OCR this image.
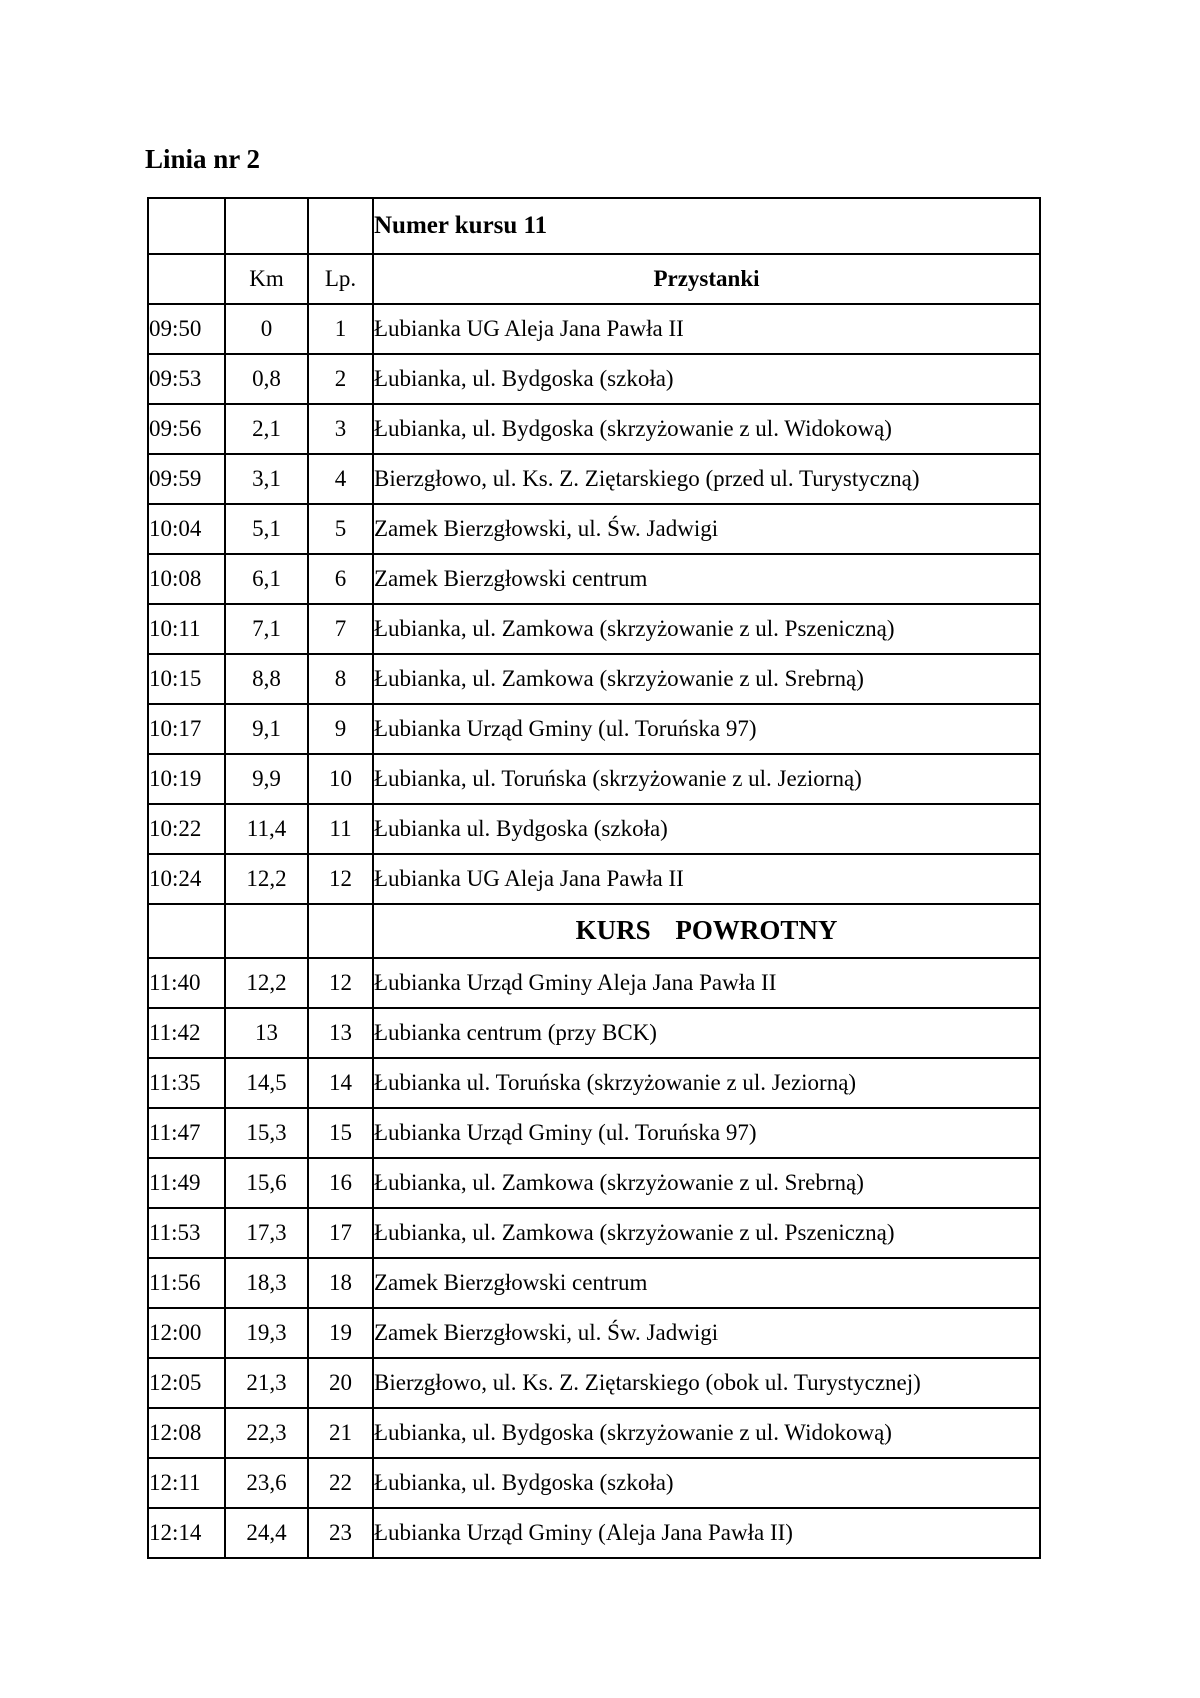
Linia nr 2
			Numer kursu 11
	Km	Lp.	Przystanki
09:50	0	1	Łubianka UG Aleja Jana Pawła II
09:53	0,8	2	Łubianka, ul. Bydgoska (szkoła)
09:56	2,1	3	Łubianka, ul. Bydgoska (skrzyżowanie z ul. Widokową)
09:59	3,1	4	Bierzgłowo, ul. Ks. Z. Ziętarskiego (przed ul. Turystyczną)
10:04	5,1	5	Zamek Bierzgłowski, ul. Św. Jadwigi
10:08	6,1	6	Zamek Bierzgłowski centrum
10:11	7,1	7	Łubianka, ul. Zamkowa (skrzyżowanie z ul. Pszeniczną)
10:15	8,8	8	Łubianka, ul. Zamkowa (skrzyżowanie z ul. Srebrną)
10:17	9,1	9	Łubianka Urząd Gminy (ul. Toruńska 97)
10:19	9,9	10	Łubianka, ul. Toruńska (skrzyżowanie z ul. Jeziorną)
10:22	11,4	11	Łubianka ul. Bydgoska (szkoła)
10:24	12,2	12	Łubianka UG Aleja Jana Pawła II
			KURS POWROTNY
11:40	12,2	12	Łubianka Urząd Gminy Aleja Jana Pawła II
11:42	13	13	Łubianka centrum (przy BCK)
11:35	14,5	14	Łubianka ul. Toruńska (skrzyżowanie z ul. Jeziorną)
11:47	15,3	15	Łubianka Urząd Gminy (ul. Toruńska 97)
11:49	15,6	16	Łubianka, ul. Zamkowa (skrzyżowanie z ul. Srebrną)
11:53	17,3	17	Łubianka, ul. Zamkowa (skrzyżowanie z ul. Pszeniczną)
11:56	18,3	18	Zamek Bierzgłowski centrum
12:00	19,3	19	Zamek Bierzgłowski, ul. Św. Jadwigi
12:05	21,3	20	Bierzgłowo, ul. Ks. Z. Ziętarskiego (obok ul. Turystycznej)
12:08	22,3	21	Łubianka, ul. Bydgoska (skrzyżowanie z ul. Widokową)
12:11	23,6	22	Łubianka, ul. Bydgoska (szkoła)
12:14	24,4	23	Łubianka Urząd Gminy (Aleja Jana Pawła II)
